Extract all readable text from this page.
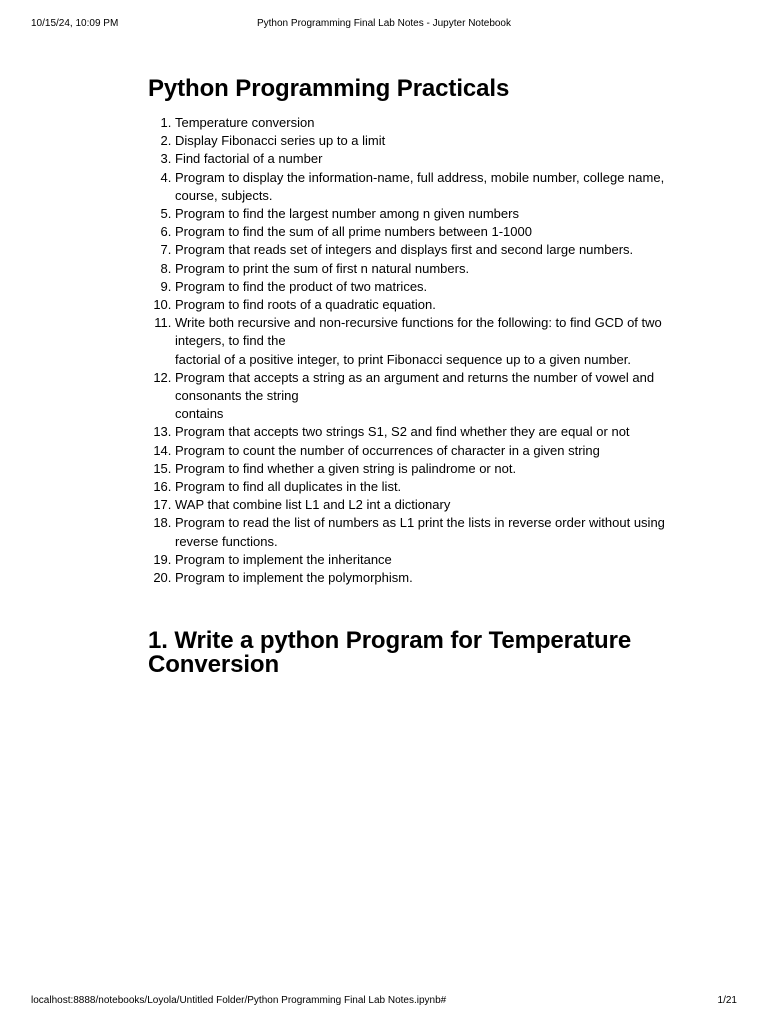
10/15/24, 10:09 PM	Python Programming Final Lab Notes - Jupyter Notebook
Python Programming Practicals
1. Temperature conversion
2. Display Fibonacci series up to a limit
3. Find factorial of a number
4. Program to display the information-name, full address, mobile number, college name, course, subjects.
5. Program to find the largest number among n given numbers
6. Program to find the sum of all prime numbers between 1-1000
7. Program that reads set of integers and displays first and second large numbers.
8. Program to print the sum of first n natural numbers.
9. Program to find the product of two matrices.
10. Program to find roots of a quadratic equation.
11. Write both recursive and non-recursive functions for the following: to find GCD of two integers, to find the
factorial of a positive integer, to print Fibonacci sequence up to a given number.
12. Program that accepts a string as an argument and returns the number of vowel and consonants the string
contains
13. Program that accepts two strings S1, S2 and find whether they are equal or not
14. Program to count the number of occurrences of character in a given string
15. Program to find whether a given string is palindrome or not.
16. Program to find all duplicates in the list.
17. WAP that combine list L1 and L2 int a dictionary
18. Program to read the list of numbers as L1 print the lists in reverse order without using reverse functions.
19. Program to implement the inheritance
20. Program to implement the polymorphism.
1. Write a python Program for Temperature Conversion
localhost:8888/notebooks/Loyola/Untitled Folder/Python Programming Final Lab Notes.ipynb#	1/21
